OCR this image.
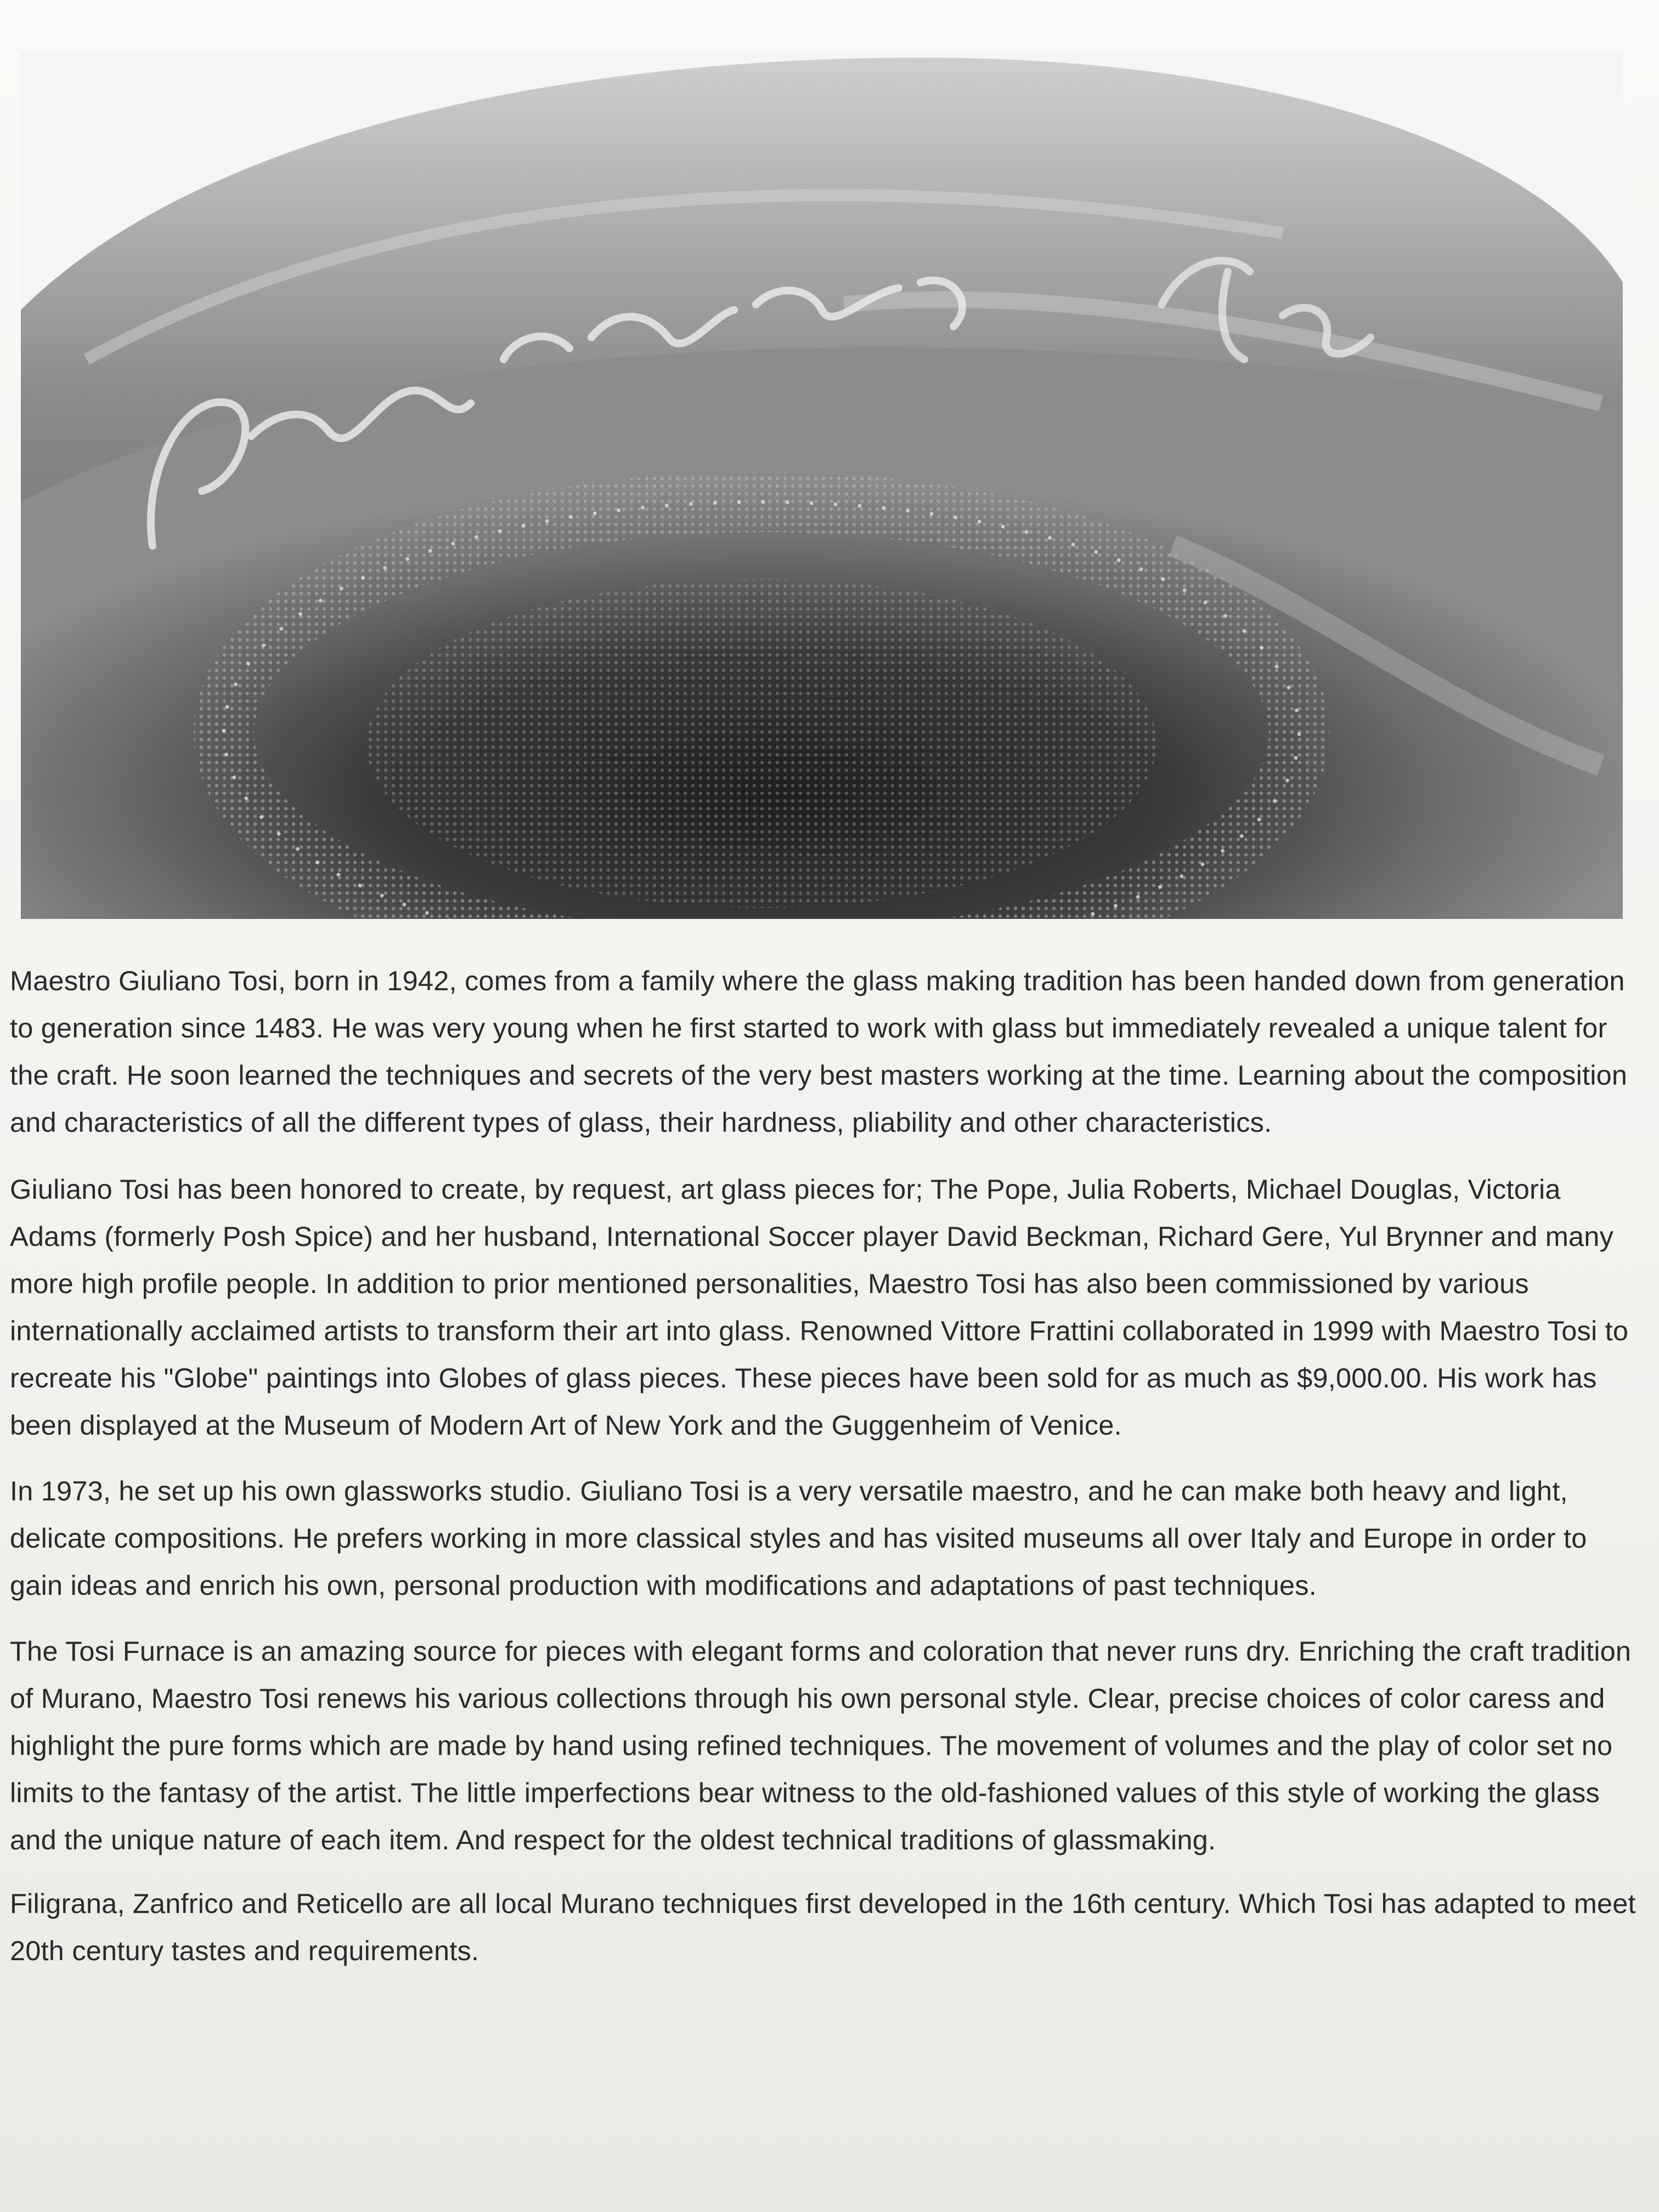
Maestro Giuliano Tosi, born in 1942, comes from a family where the glass making tradition has been handed down from generation to generation since 1483. He was very young when he first started to work with glass but immediately revealed a unique talent for the craft. He soon learned the techniques and secrets of the very best masters working at the time. Learning about the composition and characteristics of all the different types of glass, their hardness, pliability and other characteristics.

Giuliano Tosi has been honored to create, by request, art glass pieces for; The Pope, Julia Roberts, Michael Douglas, Victoria Adams (formerly Posh Spice) and her husband, International Soccer player David Beckman, Richard Gere, Yul Brynner and many more high profile people. In addition to prior mentioned personalities, Maestro Tosi has also been commissioned by various internationally acclaimed artists to transform their art into glass. Renowned Vittore Frattini collaborated in 1999 with Maestro Tosi to recreate his "Globe" paintings into Globes of glass pieces. These pieces have been sold for as much as $9,000.00. His work has been displayed at the Museum of Modern Art of New York and the Guggenheim of Venice.

In 1973, he set up his own glassworks studio. Giuliano Tosi is a very versatile maestro, and he can make both heavy and light, delicate compositions. He prefers working in more classical styles and has visited museums all over Italy and Europe in order to gain ideas and enrich his own, personal production with modifications and adaptations of past techniques.

The Tosi Furnace is an amazing source for pieces with elegant forms and coloration that never runs dry. Enriching the craft tradition of Murano, Maestro Tosi renews his various collections through his own personal style. Clear, precise choices of color caress and highlight the pure forms which are made by hand using refined techniques. The movement of volumes and the play of color set no limits to the fantasy of the artist. The little imperfections bear witness to the old-fashioned values of this style of working the glass and the unique nature of each item. And respect for the oldest technical traditions of glassmaking.

Filigrana, Zanfrico and Reticello are all local Murano techniques first developed in the 16th century. Which Tosi has adapted to meet 20th century tastes and requirements.
